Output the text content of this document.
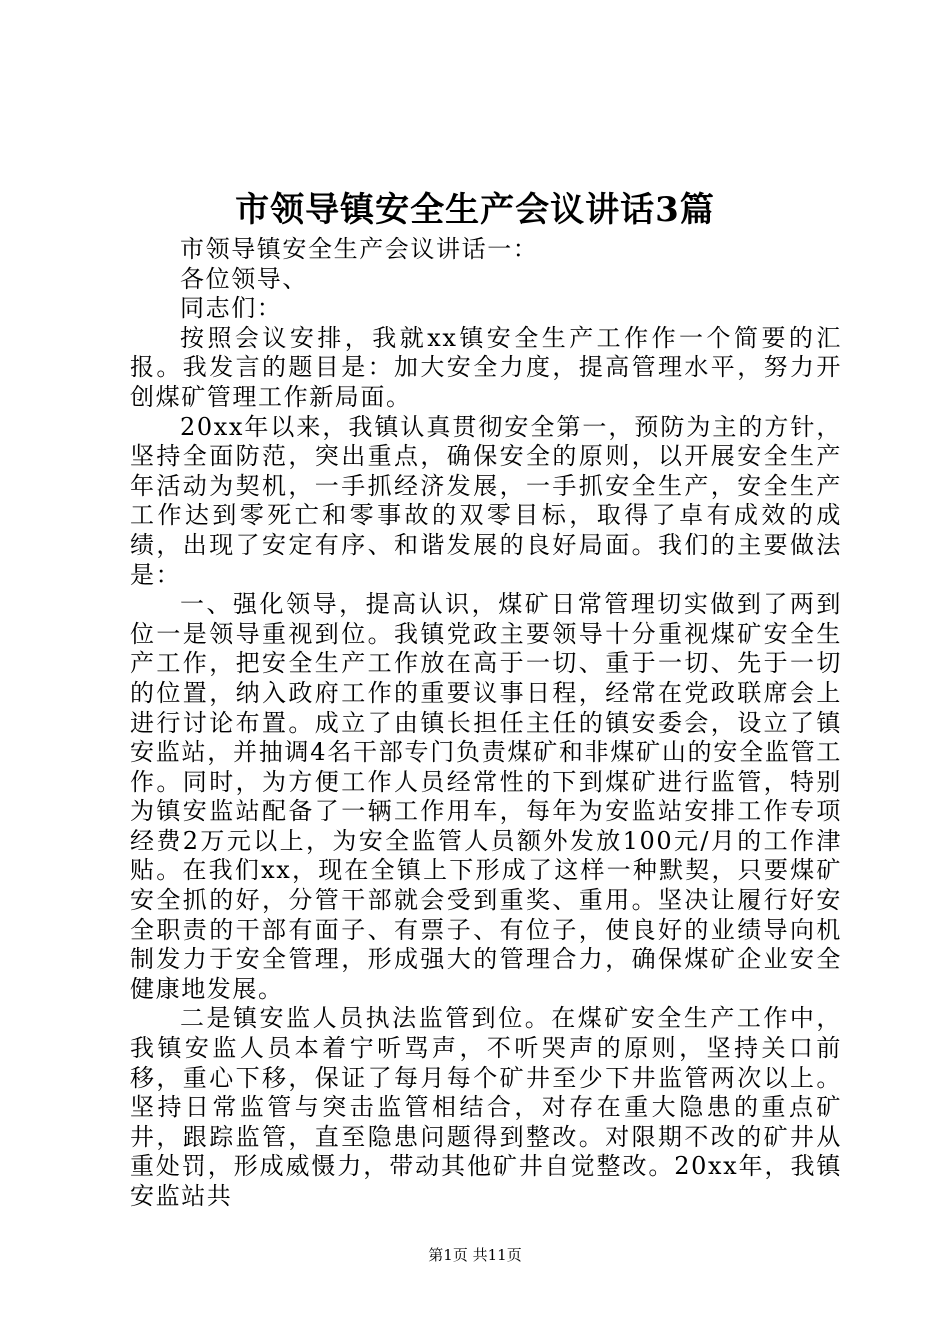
市领导镇安全生产会议讲话3篇

市领导镇安全生产会议讲话一：

各位领导、

同志们：

按照会议安排，我就xx镇安全生产工作作一个简要的汇报。我发言的题目是：加大安全力度，提高管理水平，努力开创煤矿管理工作新局面。

20xx年以来，我镇认真贯彻安全第一，预防为主的方针，坚持全面防范，突出重点，确保安全的原则，以开展安全生产年活动为契机，一手抓经济发展，一手抓安全生产，安全生产工作达到零死亡和零事故的双零目标，取得了卓有成效的成绩，出现了安定有序、和谐发展的良好局面。我们的主要做法是：

一、强化领导，提高认识，煤矿日常管理切实做到了两到位一是领导重视到位。我镇党政主要领导十分重视煤矿安全生产工作，把安全生产工作放在高于一切、重于一切、先于一切的位置，纳入政府工作的重要议事日程，经常在党政联席会上进行讨论布置。成立了由镇长担任主任的镇安委会，设立了镇安监站，并抽调4名干部专门负责煤矿和非煤矿山的安全监管工作。同时，为方便工作人员经常性的下到煤矿进行监管，特别为镇安监站配备了一辆工作用车，每年为安监站安排工作专项经费2万元以上，为安全监管人员额外发放100元/月的工作津贴。在我们xx，现在全镇上下形成了这样一种默契，只要煤矿安全抓的好，分管干部就会受到重奖、重用。坚决让履行好安全职责的干部有面子、有票子、有位子，使良好的业绩导向机制发力于安全管理，形成强大的管理合力，确保煤矿企业安全健康地发展。

二是镇安监人员执法监管到位。在煤矿安全生产工作中，我镇安监人员本着宁听骂声，不听哭声的原则，坚持关口前移，重心下移，保证了每月每个矿井至少下井监管两次以上。坚持日常监管与突击监管相结合，对存在重大隐患的重点矿井，跟踪监管，直至隐患问题得到整改。对限期不改的矿井从重处罚，形成威慑力，带动其他矿井自觉整改。20xx年，我镇安监站共

第1页 共11页
